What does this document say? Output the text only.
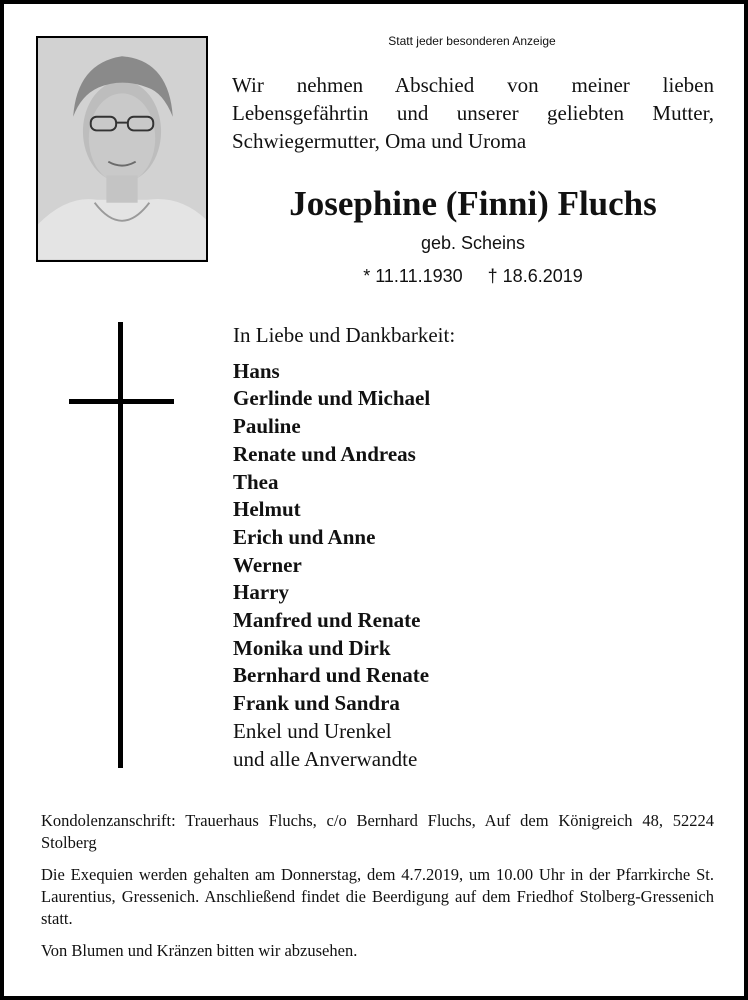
Statt jeder besonderen Anzeige
Wir nehmen Abschied von meiner lieben
Lebensgefährtin und unserer geliebten Mutter,
Schwiegermutter, Oma und Uroma
Josephine (Finni) Fluchs
geb. Scheins
* 11.11.1930     † 18.6.2019
In Liebe und Dankbarkeit:
Hans
Gerlinde und Michael
Pauline
Renate und Andreas
Thea
Helmut
Erich und Anne
Werner
Harry
Manfred und Renate
Monika und Dirk
Bernhard und Renate
Frank und Sandra
Enkel und Urenkel
und alle Anverwandte

Kondolenzanschrift: Trauerhaus Fluchs, c/o Bernhard Fluchs, Auf dem Königreich 48, 52224 Stolberg

Die Exequien werden gehalten am Donnerstag, dem 4.7.2019, um 10.00 Uhr in der Pfarrkirche St. Laurentius, Gressenich. Anschließend findet die Beerdigung auf dem Friedhof Stolberg-Gressenich statt.

Von Blumen und Kränzen bitten wir abzusehen.
